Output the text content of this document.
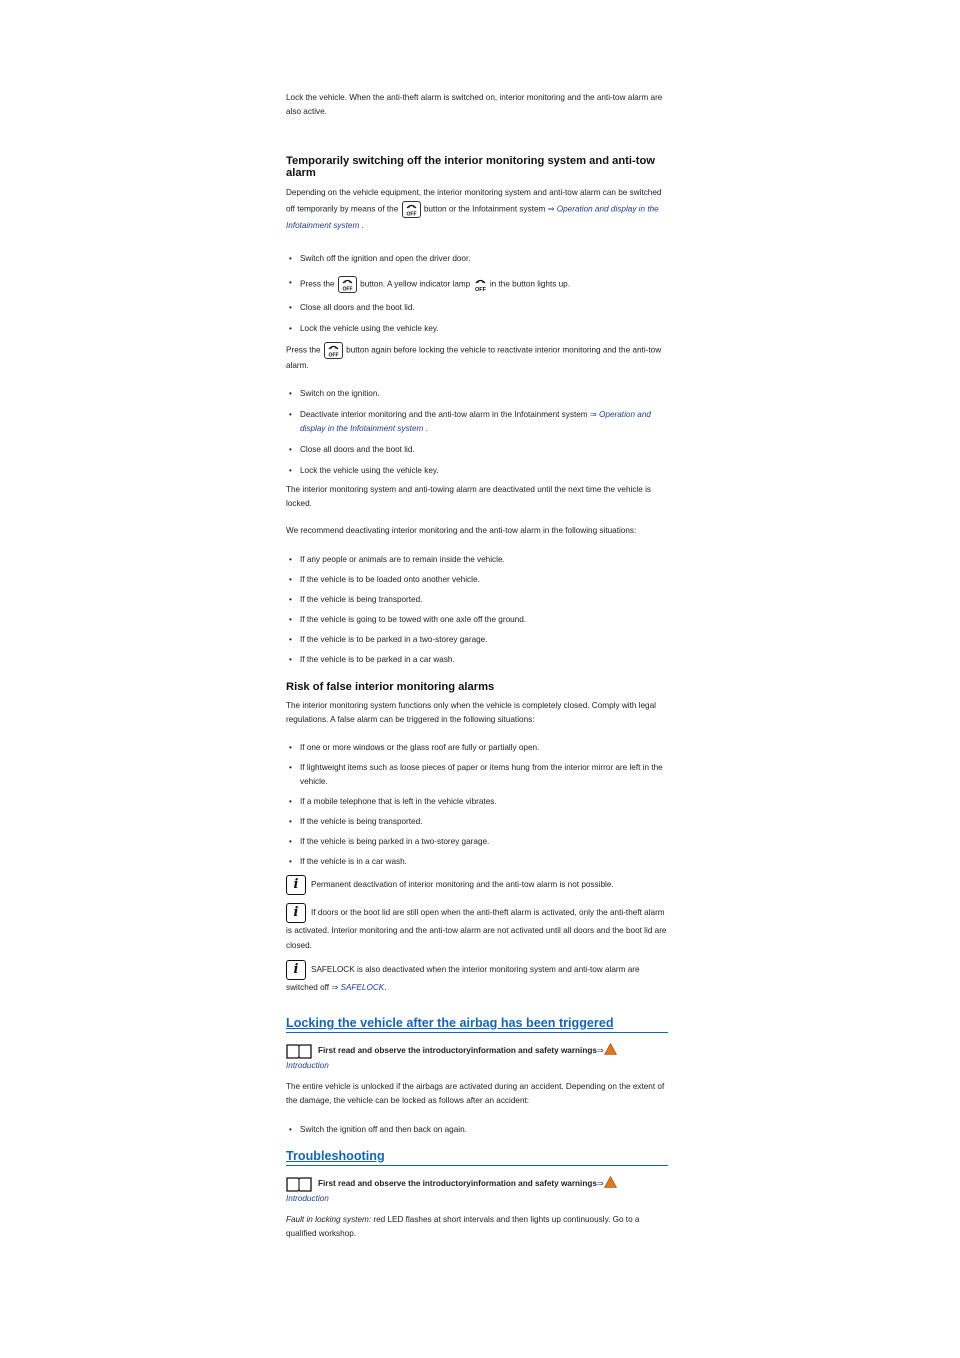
Lock the vehicle. When the anti-theft alarm is switched on, interior monitoring and the anti-tow alarm are also active.

Temporarily switching off the interior monitoring system and anti-tow alarm

Depending on the vehicle equipment, the interior monitoring system and anti-tow alarm can be switched off temporarily by means of the
OFF
button or the Infotainment system ⇒ Operation and display in the Infotainment system .

• Switch off the ignition and open the driver door.
• Press the
OFF
button. A yellow indicator lamp
OFF
in the button lights up.
• Close all doors and the boot lid.
• Lock the vehicle using the vehicle key.

Press the
OFF
button again before locking the vehicle to reactivate interior monitoring and the anti-tow alarm.

• Switch on the ignition.
• Deactivate interior monitoring and the anti-tow alarm in the Infotainment system ⇒ Operation and display in the Infotainment system .
• Close all doors and the boot lid.
• Lock the vehicle using the vehicle key.

The interior monitoring system and anti-towing alarm are deactivated until the next time the vehicle is locked.

We recommend deactivating interior monitoring and the anti-tow alarm in the following situations:

• If any people or animals are to remain inside the vehicle.
• If the vehicle is to be loaded onto another vehicle.
• If the vehicle is being transported.
• If the vehicle is going to be towed with one axle off the ground.
• If the vehicle is to be parked in a two-storey garage.
• If the vehicle is to be parked in a car wash.
Risk of false interior monitoring alarms

The interior monitoring system functions only when the vehicle is completely closed. Comply with legal regulations. A false alarm can be triggered in the following situations:

• If one or more windows or the glass roof are fully or partially open.
• If lightweight items such as loose pieces of paper or items hung from the interior mirror are left in the vehicle.
• If a mobile telephone that is left in the vehicle vibrates.
• If the vehicle is being transported.
• If the vehicle is being parked in a two-storey garage.
• If the vehicle is in a car wash.

i Permanent deactivation of interior monitoring and the anti-tow alarm is not possible.

i If doors or the boot lid are still open when the anti-theft alarm is activated, only the anti-theft alarm is activated. Interior monitoring and the anti-tow alarm are not activated until all doors and the boot lid are closed.

i SAFELOCK is also deactivated when the interior monitoring system and anti-tow alarm are switched off ⇒ SAFELOCK.

Locking the vehicle after the airbag has been triggered

First read and observe the introductoryinformation and safety warnings⇒
Introduction

The entire vehicle is unlocked if the airbags are activated during an accident. Depending on the extent of the damage, the vehicle can be locked as follows after an accident:

• Switch the ignition off and then back on again.
Troubleshooting

First read and observe the introductoryinformation and safety warnings⇒
Introduction

Fault in locking system: red LED flashes at short intervals and then lights up continuously. Go to a qualified workshop.
